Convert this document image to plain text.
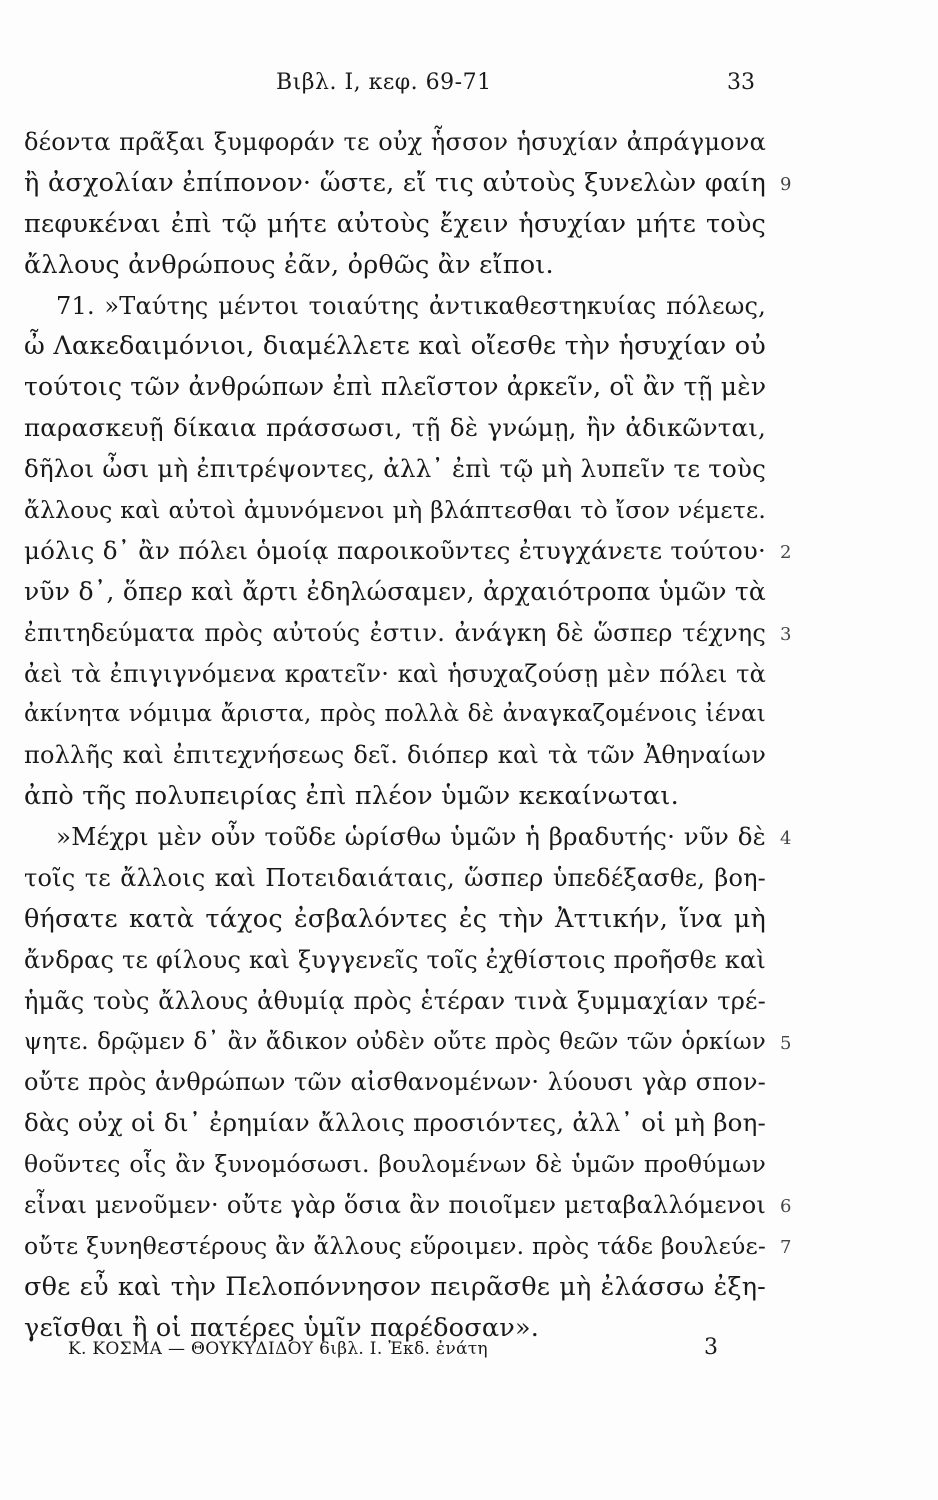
Βιβλ. Ι, κεφ. 69-71	33
δέοντα πρᾶξαι ξυμφοράν τε οὐχ ἧσσον ἡσυχίαν ἀπράγμονα
ἢ ἀσχολίαν ἐπίπονον· ὥστε, εἴ τις αὐτοὺς ξυνελὼν φαίη 9
πεφυκέναι ἐπὶ τῷ μήτε αὐτοὺς ἔχειν ἡσυχίαν μήτε τοὺς
ἄλλους ἀνθρώπους ἐᾶν, ὀρθῶς ἂν εἴποι.
71. »Ταύτης μέντοι τοιαύτης ἀντικαθεστηκυίας πόλεως,
ὦ Λακεδαιμόνιοι, διαμέλλετε καὶ οἴεσθε τὴν ἡσυχίαν οὐ
τούτοις τῶν ἀνθρώπων ἐπὶ πλεῖστον ἀρκεῖν, οἳ ἂν τῇ μὲν
παρασκευῇ δίκαια πράσσωσι, τῇ δὲ γνώμῃ, ἢν ἀδικῶνται,
δῆλοι ὦσι μὴ ἐπιτρέψοντες, ἀλλ᾽ ἐπὶ τῷ μὴ λυπεῖν τε τοὺς
ἄλλους καὶ αὐτοὶ ἀμυνόμενοι μὴ βλάπτεσθαι τὸ ἴσον νέμετε.
μόλις δ᾽ ἂν πόλει ὁμοίᾳ παροικοῦντες ἐτυγχάνετε τούτου· 2
νῦν δ᾽, ὅπερ καὶ ἄρτι ἐδηλώσαμεν, ἀρχαιότροπα ὑμῶν τὰ
ἐπιτηδεύματα πρὸς αὐτούς ἐστιν. ἀνάγκη δὲ ὥσπερ τέχνης 3
ἀεὶ τὰ ἐπιγιγνόμενα κρατεῖν· καὶ ἡσυχαζούσῃ μὲν πόλει τὰ
ἀκίνητα νόμιμα ἄριστα, πρὸς πολλὰ δὲ ἀναγκαζομένοις ἰέναι
πολλῆς καὶ ἐπιτεχνήσεως δεῖ. διόπερ καὶ τὰ τῶν Ἀθηναίων
ἀπὸ τῆς πολυπειρίας ἐπὶ πλέον ὑμῶν κεκαίνωται.
»Μέχρι μὲν οὖν τοῦδε ὡρίσθω ὑμῶν ἡ βραδυτής· νῦν δὲ 4
τοῖς τε ἄλλοις καὶ Ποτειδαιάταις, ὥσπερ ὑπεδέξασθε, βοη-
θήσατε κατὰ τάχος ἐσβαλόντες ἐς τὴν Ἀττικήν, ἵνα μὴ
ἄνδρας τε φίλους καὶ ξυγγενεῖς τοῖς ἐχθίστοις προῆσθε καὶ
ἡμᾶς τοὺς ἄλλους ἀθυμίᾳ πρὸς ἑτέραν τινὰ ξυμμαχίαν τρέ-
ψητε. δρῷμεν δ᾽ ἂν ἄδικον οὐδὲν οὔτε πρὸς θεῶν τῶν ὁρκίων 5
οὔτε πρὸς ἀνθρώπων τῶν αἰσθανομένων· λύουσι γὰρ σπον-
δὰς οὐχ οἱ δι᾽ ἐρημίαν ἄλλοις προσιόντες, ἀλλ᾽ οἱ μὴ βοη-
θοῦντες οἷς ἂν ξυνομόσωσι. βουλομένων δὲ ὑμῶν προθύμων
εἶναι μενοῦμεν· οὔτε γὰρ ὅσια ἂν ποιοῖμεν μεταβαλλόμενοι 6
οὔτε ξυνηθεστέρους ἂν ἄλλους εὕροιμεν. πρὸς τάδε βουλεύε- 7
σθε εὖ καὶ τὴν Πελοπόννησον πειρᾶσθε μὴ ἐλάσσω ἐξη-
γεῖσθαι ἢ οἱ πατέρες ὑμῖν παρέδοσαν».
Κ. ΚΟΣΜΑ — ΘΟΥΚΥΔΙΔΟΥ 6ιβλ. Ι. Ἐκδ. ἐνάτη	3
